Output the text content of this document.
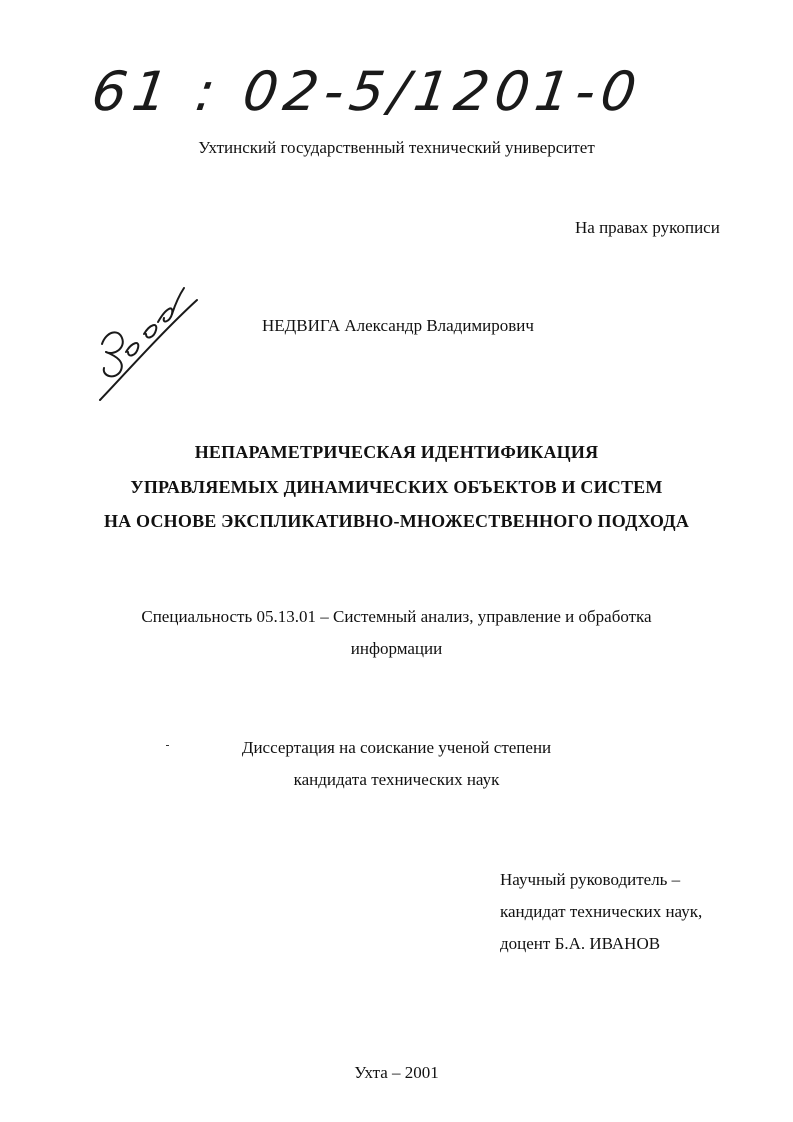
61 : 02-5/1201-0
Ухтинский государственный технический университет
На правах рукописи
НЕДВИГА Александр Владимирович
НЕПАРАМЕТРИЧЕСКАЯ ИДЕНТИФИКАЦИЯ
УПРАВЛЯЕМЫХ ДИНАМИЧЕСКИХ ОБЪЕКТОВ И СИСТЕМ
НА ОСНОВЕ ЭКСПЛИКАТИВНО-МНОЖЕСТВЕННОГО ПОДХОДА
Специальность 05.13.01 – Системный анализ, управление и обработка
информации
Диссертация на соискание ученой степени
кандидата технических наук
Научный руководитель –
кандидат технических наук,
доцент Б.А. ИВАНОВ
Ухта – 2001
